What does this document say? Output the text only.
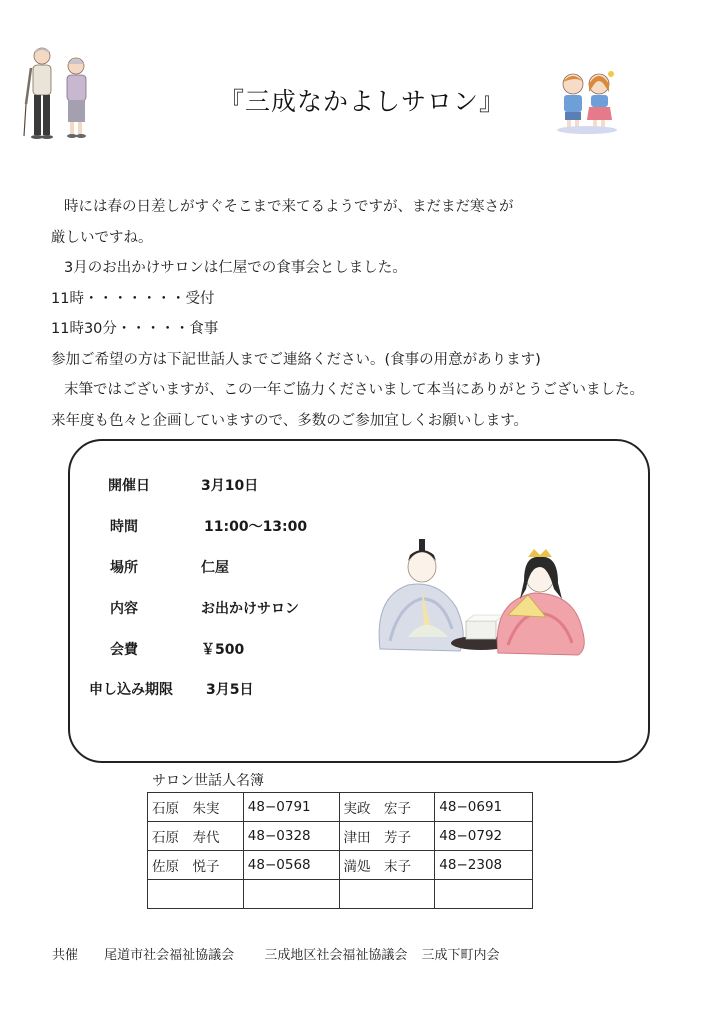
『三成なかよしサロン』
時には春の日差しがすぐそこまで来てるようですが、まだまだ寒さが
厳しいですね。
3月のお出かけサロンは仁屋での食事会としました。
11時・・・・・・・受付
11時30分・・・・・食事
参加ご希望の方は下記世話人までご連絡ください。(食事の用意があります)
末筆ではございますが、この一年ご協力くださいまして本当にありがとうございました。
来年度も色々と企画していますので、多数のご参加宜しくお願いします。
開催日	3月10日
時間	11:00～13:00
場所	仁屋
内容	お出かけサロン
会費	￥500
申し込み期限 3月5日
サロン世話人名簿
石原　朱実	48−0791	実政　宏子	48−0691
石原　寿代	48−0328	津田　芳子	48−0792
佐原　悦子	48−0568	満処　末子	48−2308

共催 尾道市社会福祉協議会 三成地区社会福祉協議会 三成下町内会
